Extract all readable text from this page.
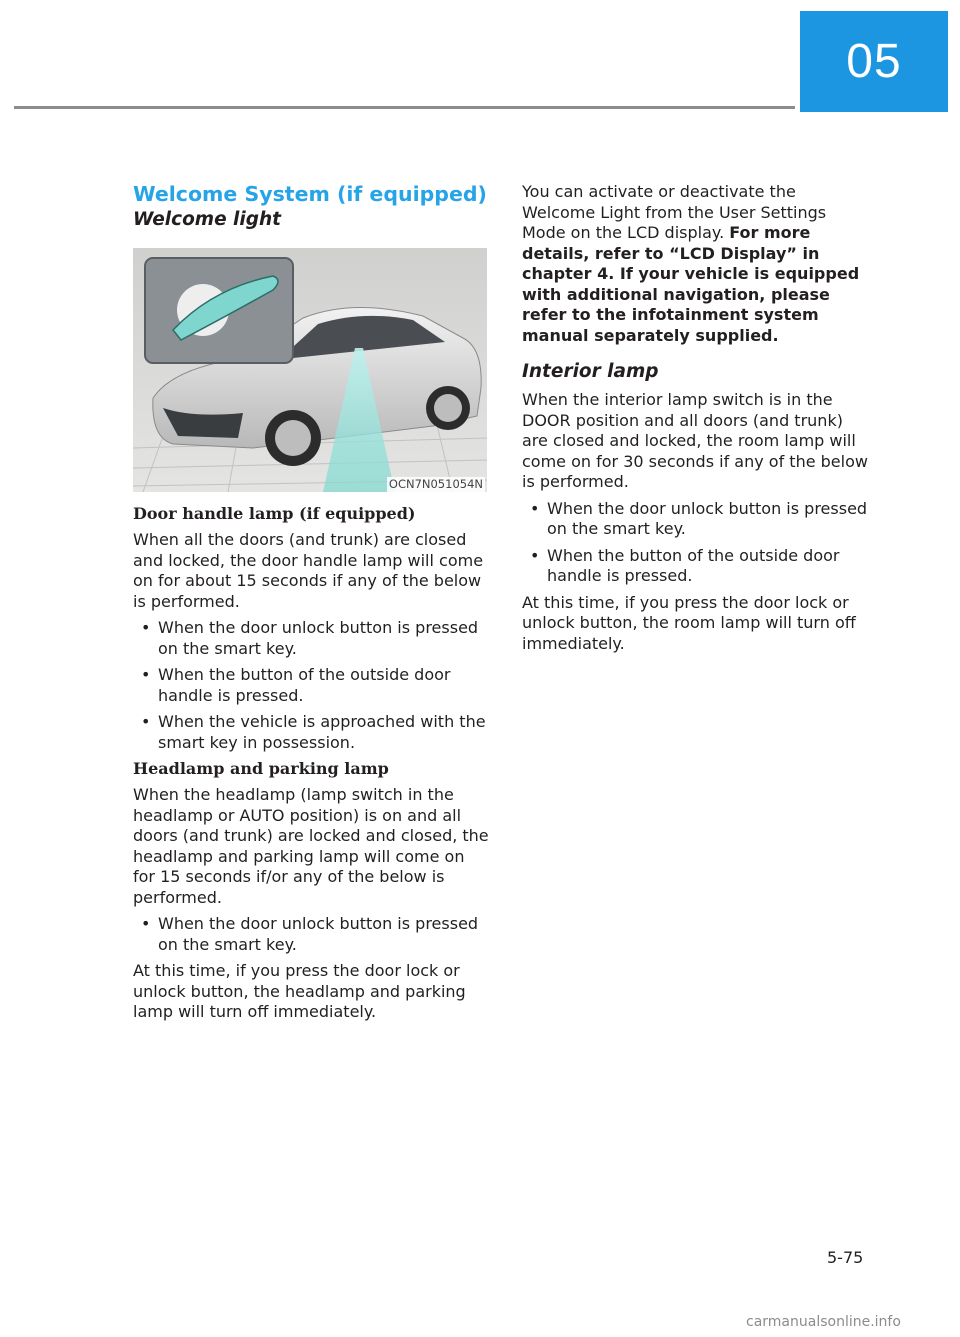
05
Welcome System (if equipped)
Welcome light
OCN7N051054N
Door handle lamp (if equipped)

When all the doors (and trunk) are closed and locked, the door handle lamp will come on for about 15 seconds if any of the below is performed.

• When the door unlock button is pressed on the smart key.
• When the button of the outside door handle is pressed.
• When the vehicle is approached with the smart key in possession.
Headlamp and parking lamp

When the headlamp (lamp switch in the headlamp or AUTO position) is on and all doors (and trunk) are locked and closed, the headlamp and parking lamp will come on for 15 seconds if/or any of the below is performed.

• When the door unlock button is pressed on the smart key.

At this time, if you press the door lock or unlock button, the headlamp and parking lamp will turn off immediately.

You can activate or deactivate the Welcome Light from the User Settings Mode on the LCD display. For more details, refer to “LCD Display” in chapter 4. If your vehicle is equipped with additional navigation, please refer to the infotainment system manual separately supplied.

Interior lamp

When the interior lamp switch is in the DOOR position and all doors (and trunk) are closed and locked, the room lamp will come on for 30 seconds if any of the below is performed.

• When the door unlock button is pressed on the smart key.
• When the button of the outside door handle is pressed.

At this time, if you press the door lock or unlock button, the room lamp will turn off immediately.

5-75
carmanualsonline.info
